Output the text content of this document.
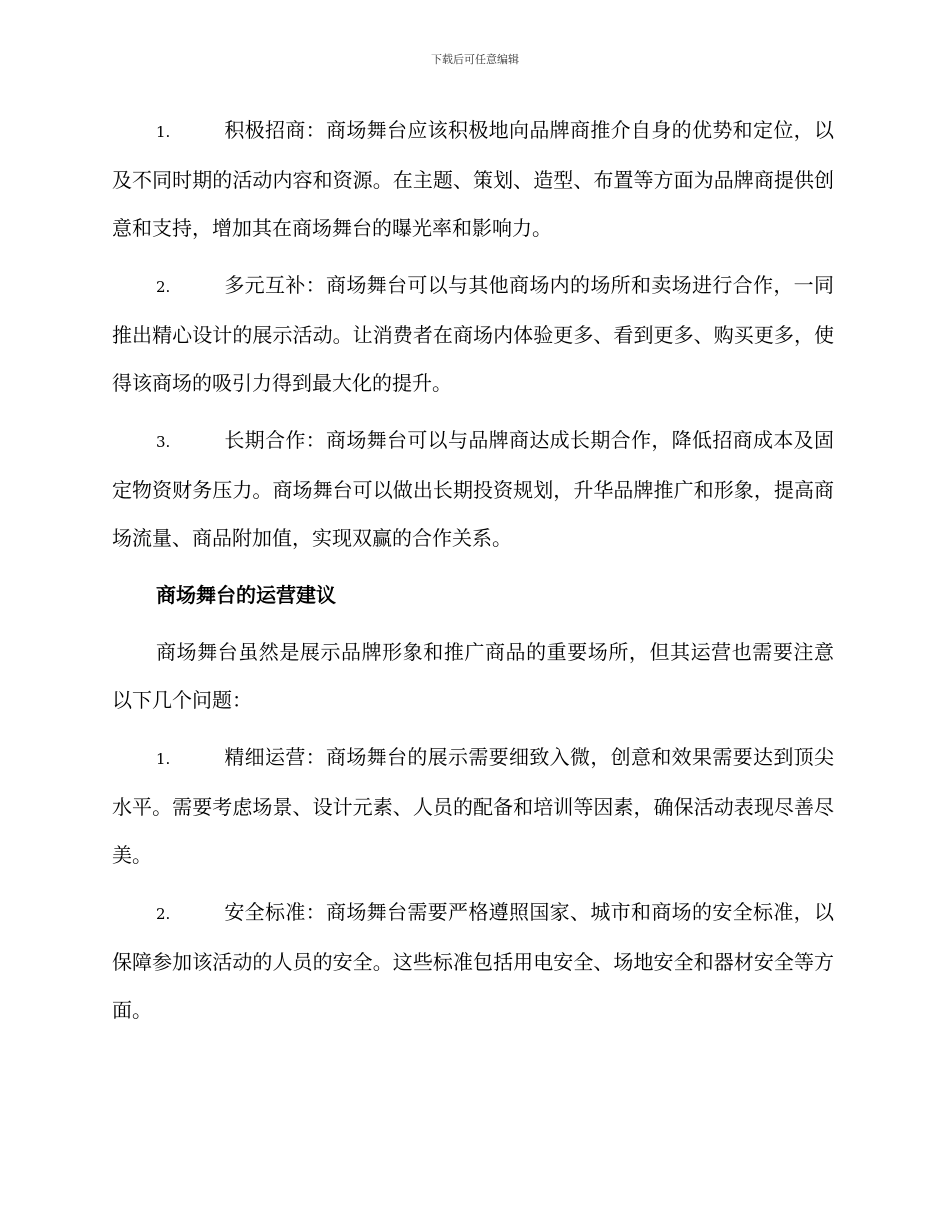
下载后可任意编辑

1.	积极招商：商场舞台应该积极地向品牌商推介自身的优势和定位，以及不同时期的活动内容和资源。在主题、策划、造型、布置等方面为品牌商提供创意和支持，增加其在商场舞台的曝光率和影响力。

2.	多元互补：商场舞台可以与其他商场内的场所和卖场进行合作，一同推出精心设计的展示活动。让消费者在商场内体验更多、看到更多、购买更多，使得该商场的吸引力得到最大化的提升。

3.	长期合作：商场舞台可以与品牌商达成长期合作，降低招商成本及固定物资财务压力。商场舞台可以做出长期投资规划，升华品牌推广和形象，提高商场流量、商品附加值，实现双赢的合作关系。

商场舞台的运营建议

商场舞台虽然是展示品牌形象和推广商品的重要场所，但其运营也需要注意以下几个问题：

1.	精细运营：商场舞台的展示需要细致入微，创意和效果需要达到顶尖水平。需要考虑场景、设计元素、人员的配备和培训等因素，确保活动表现尽善尽美。

2.	安全标准：商场舞台需要严格遵照国家、城市和商场的安全标准，以保障参加该活动的人员的安全。这些标准包括用电安全、场地安全和器材安全等方面。
